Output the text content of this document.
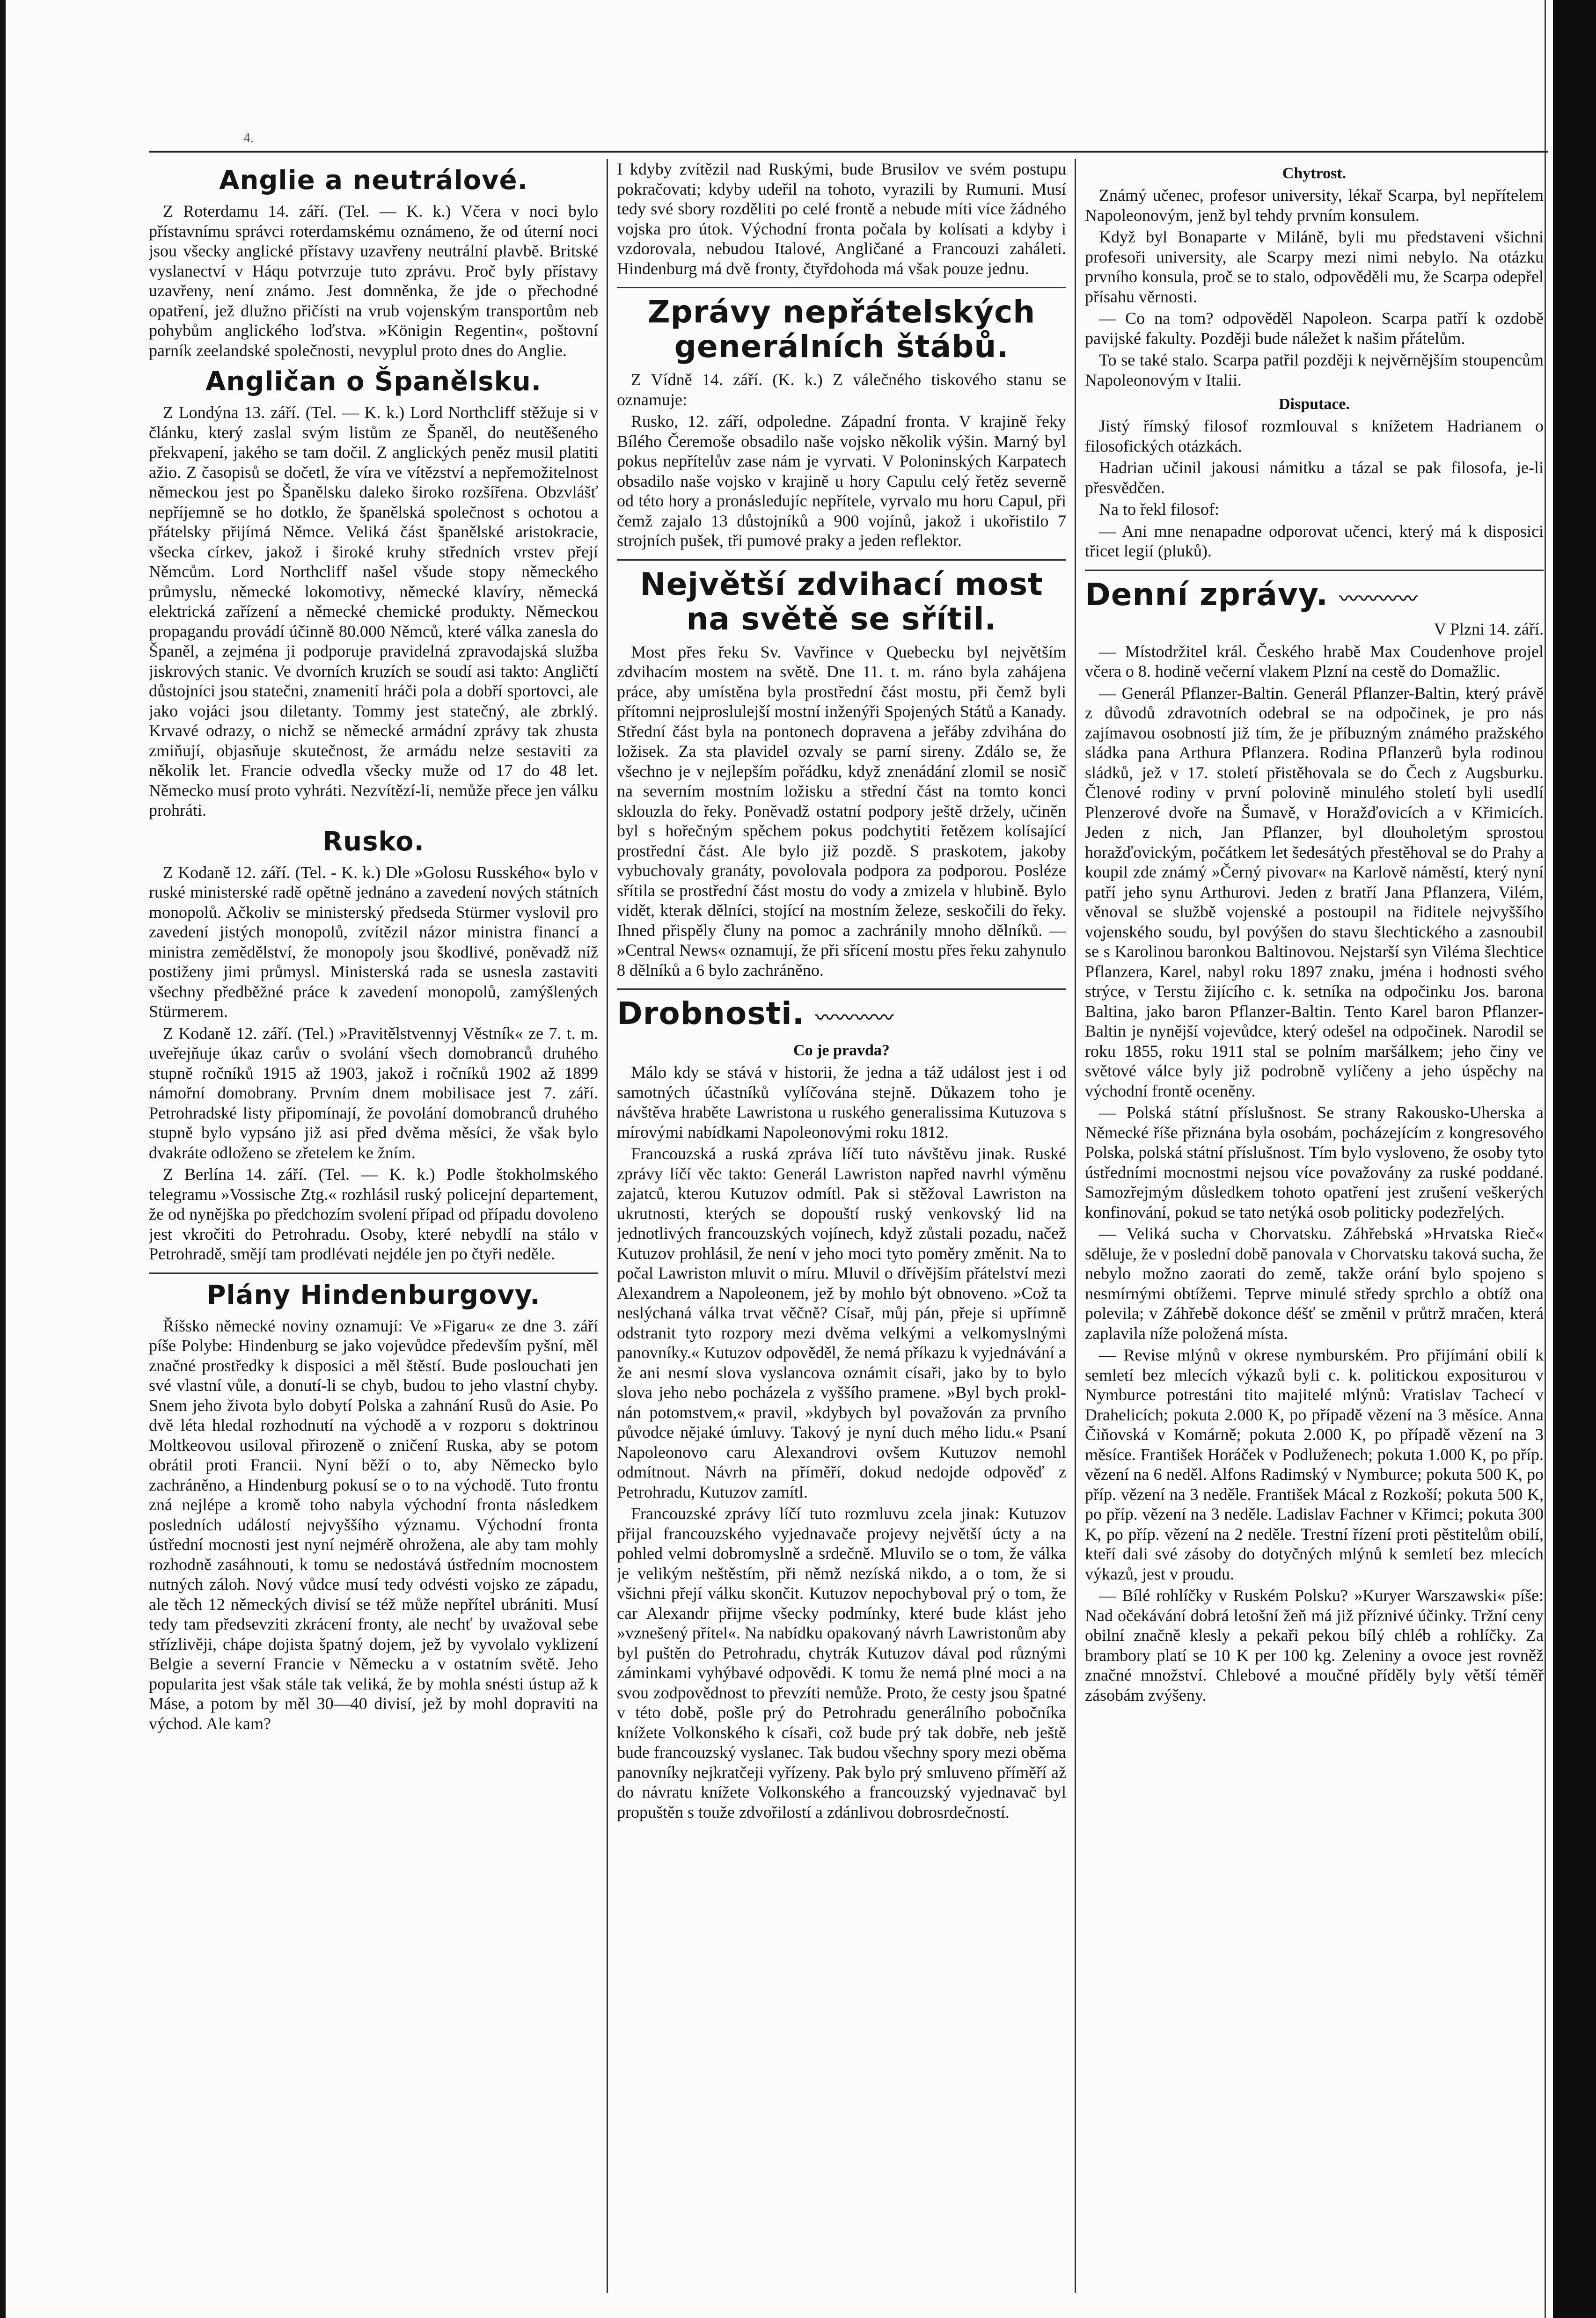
4.
Anglie a neutrálové.

Z Roterdamu 14. září. (Tel. — K. k.) Včera v noci bylo přístavnímu správci roterdamskému oznámeno, že od úterní noci jsou všecky anglické přístavy uzavřeny neutrální plavbě. Britské vyslanectví v Háqu potvrzuje tuto zprávu. Proč byly přístavy uzavřeny, není známo. Jest domněnka, že jde o přechodné opatření, jež dlužno přičísti na vrub vojenským transportům neb pohybům anglického loďstva. »Königin Regentin«, poštovní parník zeelandské společnosti, nevyplul proto dnes do Anglie.

Angličan o Španělsku.

Z Londýna 13. září. (Tel. — K. k.) Lord Northcliff stěžuje si v článku, který zaslal svým listům ze Španěl, do neutěšeného překvapení, jakého se tam dočil. Z anglických peněz musil platiti ažio. Z časopisů se dočetl, že víra ve vítězství a nepřemožitelnost německou jest po Španělsku daleko široko rozšířena. Obzvlášť nepříjemně se ho dotklo, že španělská společnost s ochotou a přátelsky přijímá Němce. Veliká část španělské aristokracie, všecka církev, jakož i široké kruhy středních vrstev přejí Němcům. Lord Northcliff našel všude stopy německého průmyslu, německé lokomotivy, německé klavíry, německá elektrická zařízení a německé chemické produkty. Německou propagandu provádí účinně 80.000 Němců, které válka zanesla do Španěl, a zejména ji podporuje pravidelná zpravodajská služba jiskrových stanic. Ve dvorních kruzích se soudí asi takto: Angličtí důstojníci jsou statečni, znamenití hráči pola a dobří sportovci, ale jako vojáci jsou diletanty. Tommy jest statečný, ale zbrklý. Krvavé odrazy, o nichž se německé armádní zprávy tak zhusta zmiňují, objasňuje skutečnost, že armádu nelze sestaviti za několik let. Francie odvedla všecky muže od 17 do 48 let. Německo musí proto vyhráti. Nezvítězí-li, nemůže přece jen válku prohráti.

Rusko.

Z Kodaně 12. září. (Tel. - K. k.) Dle »Golosu Rusského« bylo v ruské ministerské radě opětně jednáno a zavedení nových státních monopolů. Ačkoliv se ministerský předseda Stürmer vyslovil pro zavedení jistých monopolů, zvítězil názor ministra financí a ministra zemědělství, že monopoly jsou škodlivé, poněvadž níž postiženy jimi průmysl. Ministerská rada se usnesla zastaviti všechny předběžné práce k zavedení monopolů, zamýšlených Stürmerem.

Z Kodaně 12. září. (Tel.) »Pravitělstvennyj Věstník« ze 7. t. m. uveřejňuje úkaz carův o svolání všech domobranců druhého stupně ročníků 1915 až 1903, jakož i ročníků 1902 až 1899 námořní domobrany. Prvním dnem mobilisace jest 7. září. Petrohradské listy připomínají, že povolání domobranců druhého stupně bylo vypsáno již asi před dvěma měsíci, že však bylo dvakráte odloženo se zřetelem ke žním.

Z Berlína 14. září. (Tel. — K. k.) Podle štokholmského telegramu »Vossische Ztg.« rozhlásil ruský policejní departement, že od nynějška po předchozím svolení případ od případu dovoleno jest vkročiti do Petrohradu. Osoby, které nebydlí na stálo v Petrohradě, smějí tam prodlévati nejdéle jen po čtyři neděle.

Plány Hindenburgovy.

Říšsko německé noviny oznamují: Ve »Figaru« ze dne 3. září píše Polybe: Hindenburg se jako vojevůdce především pyšní, měl značné prostředky k disposici a měl štěstí. Bude poslouchati jen své vlastní vůle, a donutí-li se chyb, budou to jeho vlastní chyby. Snem jeho života bylo dobytí Polska a zahnání Rusů do Asie. Po dvě léta hledal rozhodnutí na východě a v rozporu s doktrinou Moltkeovou usiloval přirozeně o zničení Ruska, aby se potom obrátil proti Francii. Nyní běží o to, aby Německo bylo zachráněno, a Hindenburg pokusí se o to na východě. Tuto frontu zná nejlépe a kromě toho nabyla východní fronta následkem posledních událostí nejvyššího významu. Východní fronta ústřední mocnosti jest nyní nejmérě ohrožena, ale aby tam mohly rozhodně zasáhnouti, k tomu se nedostává ústředním mocnostem nutných záloh. Nový vůdce musí tedy odvésti vojsko ze západu, ale těch 12 německých divisí se též může nepřítel ubrániti. Musí tedy tam předsevziti zkrácení fronty, ale nechť by uvažoval sebe střízlivěji, chápe dojista špatný dojem, jež by vyvolalo vyklizení Belgie a severní Francie v Německu a v ostatním světě. Jeho popularita jest však stále tak veliká, že by mohla snésti ústup až k Máse, a potom by měl 30—40 divisí, jež by mohl dopraviti na východ. Ale kam?

I kdyby zvítězil nad Ruskými, bude Brusilov ve svém postupu pokračovati; kdyby udeřil na tohoto, vyrazili by Rumuni. Musí tedy své sbory rozděliti po celé frontě a nebude míti více žádného vojska pro útok. Východní fronta počala by kolísati a kdyby i vzdorovala, nebudou Italové, Angličané a Francouzi zaháleti. Hindenburg má dvě fronty, čtyřdohoda má však pouze jednu.

Zprávy nepřátelských generálních štábů.

Z Vídně 14. září. (K. k.) Z válečného tiskového stanu se oznamuje:

Rusko, 12. září, odpoledne. Západní fronta. V krajině řeky Bílého Čeremoše obsadilo naše vojsko několik výšin. Marný byl pokus nepřítelův zase nám je vyrvati. V Poloninských Karpatech obsadilo naše vojsko v krajině u hory Capulu celý řetěz severně od této hory a pronásledujíc nepřítele, vyrvalo mu horu Capul, při čemž zajalo 13 důstojníků a 900 vojínů, jakož i ukořistilo 7 strojních pušek, tři pumové praky a jeden reflektor.

Největší zdvihací most na světě se sřítil.

Most přes řeku Sv. Vavřince v Quebecku byl největším zdvihacím mostem na světě. Dne 11. t. m. ráno byla zahájena práce, aby umístěna byla prostřední část mostu, při čemž byli přítomni nejproslulejší mostní inženýři Spojených Států a Kanady. Střední část byla na pontonech dopravena a jeřáby zdvihána do ložisek. Za sta plavidel ozvaly se parní sireny. Zdálo se, že všechno je v nejlepším pořádku, když znenádání zlomil se nosič na severním mostním ložisku a střední část na tomto konci sklouzla do řeky. Poněvadž ostatní podpory ještě držely, učiněn byl s hořečným spěchem pokus podchytiti řetězem kolísající prostřední část. Ale bylo již pozdě. S praskotem, jakoby vybuchovaly granáty, povolovala podpora za podporou. Posléze sřítila se prostřední část mostu do vody a zmizela v hlubině. Bylo vidět, kterak dělníci, stojící na mostním železe, seskočili do řeky. Ihned přispěly čluny na pomoc a zachránily mnoho dělníků. — »Central News« oznamují, že při sřícení mostu přes řeku zahynulo 8 dělníků a 6 bylo zachráněno.

Drobnosti. 〰〰〰〰
Co je pravda?

Málo kdy se stává v historii, že jedna a táž událost jest i od samotných účastníků vylíčována stejně. Důkazem toho je návštěva hraběte Lawristona u ruského generalissima Kutuzova s mírovými nabídkami Napoleonovými roku 1812.

Francouzská a ruská zpráva líčí tuto návštěvu jinak. Ruské zprávy líčí věc takto: Generál Lawriston napřed navrhl výměnu zajatců, kterou Kutuzov odmítl. Pak si stěžoval Lawriston na ukrutnosti, kterých se dopouští ruský venkovský lid na jednotlivých francouzských vojínech, když zůstali pozadu, načež Kutuzov prohlásil, že není v jeho moci tyto poměry změnit. Na to počal Lawriston mluvit o míru. Mluvil o dřívějším přátelství mezi Alexandrem a Napoleonem, jež by mohlo být obnoveno. »Což ta neslýchaná válka trvat věčně? Císař, můj pán, přeje si upřímně odstranit tyto rozpory mezi dvěma velkými a velkomyslnými panovníky.« Kutuzov odpověděl, že nemá příkazu k vyjednávání a že ani nesmí slova vyslancova oznámit císaři, jako by to bylo slova jeho nebo pocházela z vyššího pramene. »Byl bych prokl- nán potomstvem,« pravil, »kdybych byl považován za prvního původce nějaké úmluvy. Takový je nyní duch mého lidu.« Psaní Napoleonovo caru Alexandrovi ovšem Kutuzov nemohl odmítnout. Návrh na příměří, dokud nedojde odpověď z Petrohradu, Kutuzov zamítl.

Francouzské zprávy líčí tuto rozmluvu zcela jinak: Kutuzov přijal francouzského vyjednavače projevy největší úcty a na pohled velmi dobromyslně a srdečně. Mluvilo se o tom, že válka je velikým neštěstím, při němž nezíská nikdo, a o tom, že si všichni přejí válku skončit. Kutuzov nepochyboval prý o tom, že car Alexandr přijme všecky podmínky, které bude klást jeho »vznešený přítel«. Na nabídku opakovaný návrh Lawristonům aby byl puštěn do Petrohradu, chytrák Kutuzov dával pod různými záminkami vyhýbavé odpovědi. K tomu že nemá plné moci a na svou zodpovědnost to převzíti nemůže. Proto, že cesty jsou špatné v této době, pošle prý do Petrohradu generálního pobočníka knížete Volkonského k císaři, což bude prý tak dobře, neb ještě bude francouzský vyslanec. Tak budou všechny spory mezi oběma panovníky nejkratčeji vyřízeny. Pak bylo prý smluveno příměří až do návratu knížete Volkonského a francouzský vyjednavač byl propuštěn s touže zdvořilostí a zdánlivou dobrosrdečností.

Chytrost.

Známý učenec, profesor university, lékař Scarpa, byl nepřítelem Napoleonovým, jenž byl tehdy prvním konsulem.

Když byl Bonaparte v Miláně, byli mu představeni všichni profesoři university, ale Scarpy mezi nimi nebylo. Na otázku prvního konsula, proč se to stalo, odpověděli mu, že Scarpa odepřel přísahu věrnosti.

— Co na tom? odpověděl Napoleon. Scarpa patří k ozdobě pavijské fakulty. Později bude náležet k našim přátelům.

To se také stalo. Scarpa patřil později k nejvěrnějším stoupencům Napoleonovým v Italii.

Disputace.

Jistý římský filosof rozmlouval s knížetem Hadrianem o filosofických otázkách.

Hadrian učinil jakousi námitku a tázal se pak filosofa, je-li přesvědčen.

Na to řekl filosof:

— Ani mne nenapadne odporovat učenci, který má k disposici třicet legií (pluků).

Denní zprávy. 〰〰〰〰
V Plzni 14. září.

— Místodržitel král. Českého hrabě Max Coudenhove projel včera o 8. hodině večerní vlakem Plzní na cestě do Domažlic.

— Generál Pflanzer-Baltin. Generál Pflanzer-Baltin, který právě z důvodů zdravotních odebral se na odpočinek, je pro nás zajímavou osobností již tím, že je příbuzným známého pražského sládka pana Arthura Pflanzera. Rodina Pflanzerů byla rodinou sládků, jež v 17. století přistěhovala se do Čech z Augsburku. Členové rodiny v první polovině minulého století byli usedlí Plenzerové dvoře na Šumavě, v Horažďovicích a v Křimicích. Jeden z nich, Jan Pflanzer, byl dlouholetým sprostou horažďovickým, počátkem let šedesátých přestěhoval se do Prahy a koupil zde známý »Černý pivovar« na Karlově náměstí, který nyní patří jeho synu Arthurovi. Jeden z bratří Jana Pflanzera, Vilém, věnoval se službě vojenské a postoupil na řiditele nejvyššího vojenského soudu, byl povýšen do stavu šlechtického a zasnoubil se s Karolinou baronkou Baltinovou. Nejstarší syn Viléma šlechtice Pflanzera, Karel, nabyl roku 1897 znaku, jména i hodnosti svého strýce, v Terstu žijícího c. k. setníka na odpočinku Jos. barona Baltina, jako baron Pflanzer-Baltin. Tento Karel baron Pflanzer-Baltin je nynější vojevůdce, který odešel na odpočinek. Narodil se roku 1855, roku 1911 stal se polním maršálkem; jeho činy ve světové válce byly již podrobně vylíčeny a jeho úspěchy na východní frontě oceněny.

— Polská státní příslušnost. Se strany Rakousko-Uherska a Německé říše přiznána byla osobám, pocházejícím z kongresového Polska, polská státní příslušnost. Tím bylo vysloveno, že osoby tyto ústředními mocnostmi nejsou více považovány za ruské poddané. Samozřejmým důsledkem tohoto opatření jest zrušení veškerých konfinování, pokud se tato netýká osob politicky podezřelých.

— Veliká sucha v Chorvatsku. Záhřebská »Hrvatska Rieč« sděluje, že v poslední době panovala v Chorvatsku taková sucha, že nebylo možno zaorati do země, takže orání bylo spojeno s nesmírnými obtížemi. Teprve minulé středy sprchlo a obtíž ona polevila; v Záhřebě dokonce déšť se změnil v průtrž mračen, která zaplavila níže položená místa.

— Revise mlýnů v okrese nymburském. Pro přijímání obilí k semletí bez mlecích výkazů byli c. k. politickou expositurou v Nymburce potrestáni tito majitelé mlýnů: Vratislav Tachecí v Drahelicích; pokuta 2.000 K, po případě vězení na 3 měsíce. Anna Čiňovská v Komárně; pokuta 2.000 K, po případě vězení na 3 měsíce. František Horáček v Podluženech; pokuta 1.000 K, po příp. vězení na 6 neděl. Alfons Radimský v Nymburce; pokuta 500 K, po příp. vězení na 3 neděle. František Mácal z Rozkoší; pokuta 500 K, po příp. vězení na 3 neděle. Ladislav Fachner v Křimci; pokuta 300 K, po příp. vězení na 2 neděle. Trestní řízení proti pěstitelům obilí, kteří dali své zásoby do dotyčných mlýnů k semletí bez mlecích výkazů, jest v proudu.

— Bílé rohlíčky v Ruském Polsku? »Kuryer Warszawski« píše: Nad očekávání dobrá letošní žeň má již příznivé účinky. Tržní ceny obilní značně klesly a pekaři pekou bílý chléb a rohlíčky. Za brambory platí se 10 K per 100 kg. Zeleniny a ovoce jest rovněž značné množství. Chlebové a moučné příděly byly větší téměř zásobám zvýšeny.
